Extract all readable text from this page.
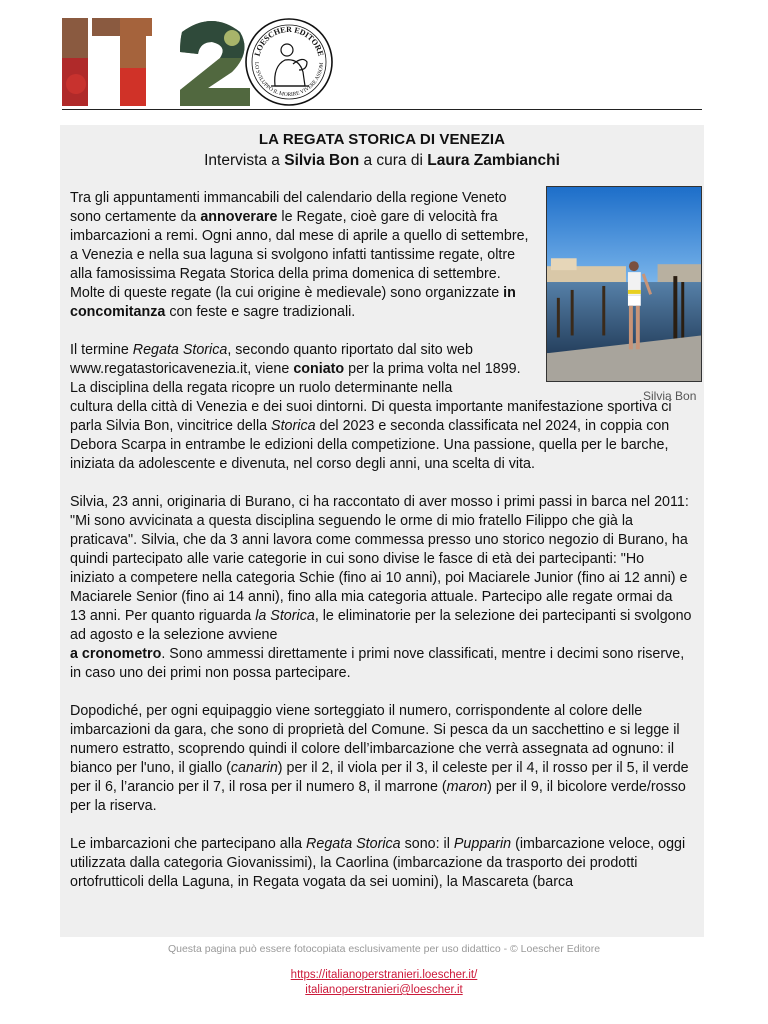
LOESCHER EDITORE
LO SVILUPPO IL MORIRE VIVERE ASSOM
LA REGATA STORICA DI VENEZIA
Intervista a Silvia Bon a cura di Laura Zambianchi
Silvia Bon

Tra gli appuntamenti immancabili del calendario della regione Veneto sono certamente da annoverare le Regate, cioè gare di velocità fra imbarcazioni a remi. Ogni anno, dal mese di aprile a quello di settembre, a Venezia e nella sua laguna si svolgono infatti tantissime regate, oltre alla famosissima Regata Storica della prima domenica di settembre. Molte di queste regate (la cui origine è medievale) sono organizzate in concomitanza con feste e sagre tradizionali.

Il termine Regata Storica, secondo quanto riportato dal sito web www.regatastoricavenezia.it, viene coniato per la prima volta nel 1899. La disciplina della regata ricopre un ruolo determinante nella
cultura della città di Venezia e dei suoi dintorni. Di questa importante manifestazione sportiva ci parla Silvia Bon, vincitrice della Storica del 2023 e seconda classificata nel 2024, in coppia con Debora Scarpa in entrambe le edizioni della competizione. Una passione, quella per le barche, iniziata da adolescente e divenuta, nel corso degli anni, una scelta di vita.

Silvia, 23 anni, originaria di Burano, ci ha raccontato di aver mosso i primi passi in barca nel 2011: "Mi sono avvicinata a questa disciplina seguendo le orme di mio fratello Filippo che già la praticava". Silvia, che da 3 anni lavora come commessa presso uno storico negozio di Burano, ha quindi partecipato alle varie categorie in cui sono divise le fasce di età dei partecipanti: "Ho iniziato a competere nella categoria Schie (fino ai 10 anni), poi Maciarele Junior (fino ai 12 anni) e Maciarele Senior (fino ai 14 anni), fino alla mia categoria attuale. Partecipo alle regate ormai da 13 anni. Per quanto riguarda la Storica, le eliminatorie per la selezione dei partecipanti si svolgono ad agosto e la selezione avviene
a cronometro. Sono ammessi direttamente i primi nove classificati, mentre i decimi sono riserve, in caso uno dei primi non possa partecipare.

Dopodiché, per ogni equipaggio viene sorteggiato il numero, corrispondente al colore delle imbarcazioni da gara, che sono di proprietà del Comune. Si pesca da un sacchettino e si legge il numero estratto, scoprendo quindi il colore dell’imbarcazione che verrà assegnata ad ognuno: il bianco per l'uno, il giallo (canarin) per il 2, il viola per il 3, il celeste per il 4, il rosso per il 5, il verde per il 6, l’arancio per il 7, il rosa per il numero 8, il marrone (maron) per il 9, il bicolore verde/rosso per la riserva.

Le imbarcazioni che partecipano alla Regata Storica sono: il Pupparin (imbarcazione veloce, oggi utilizzata dalla categoria Giovanissimi), la Caorlina (imbarcazione da trasporto dei prodotti ortofrutticoli della Laguna, in Regata vogata da sei uomini), la Mascareta (barca

Questa pagina può essere fotocopiata esclusivamente per uso didattico - © Loescher Editore
https://italianoperstranieri.loescher.it/
italianoperstranieri@loescher.it
